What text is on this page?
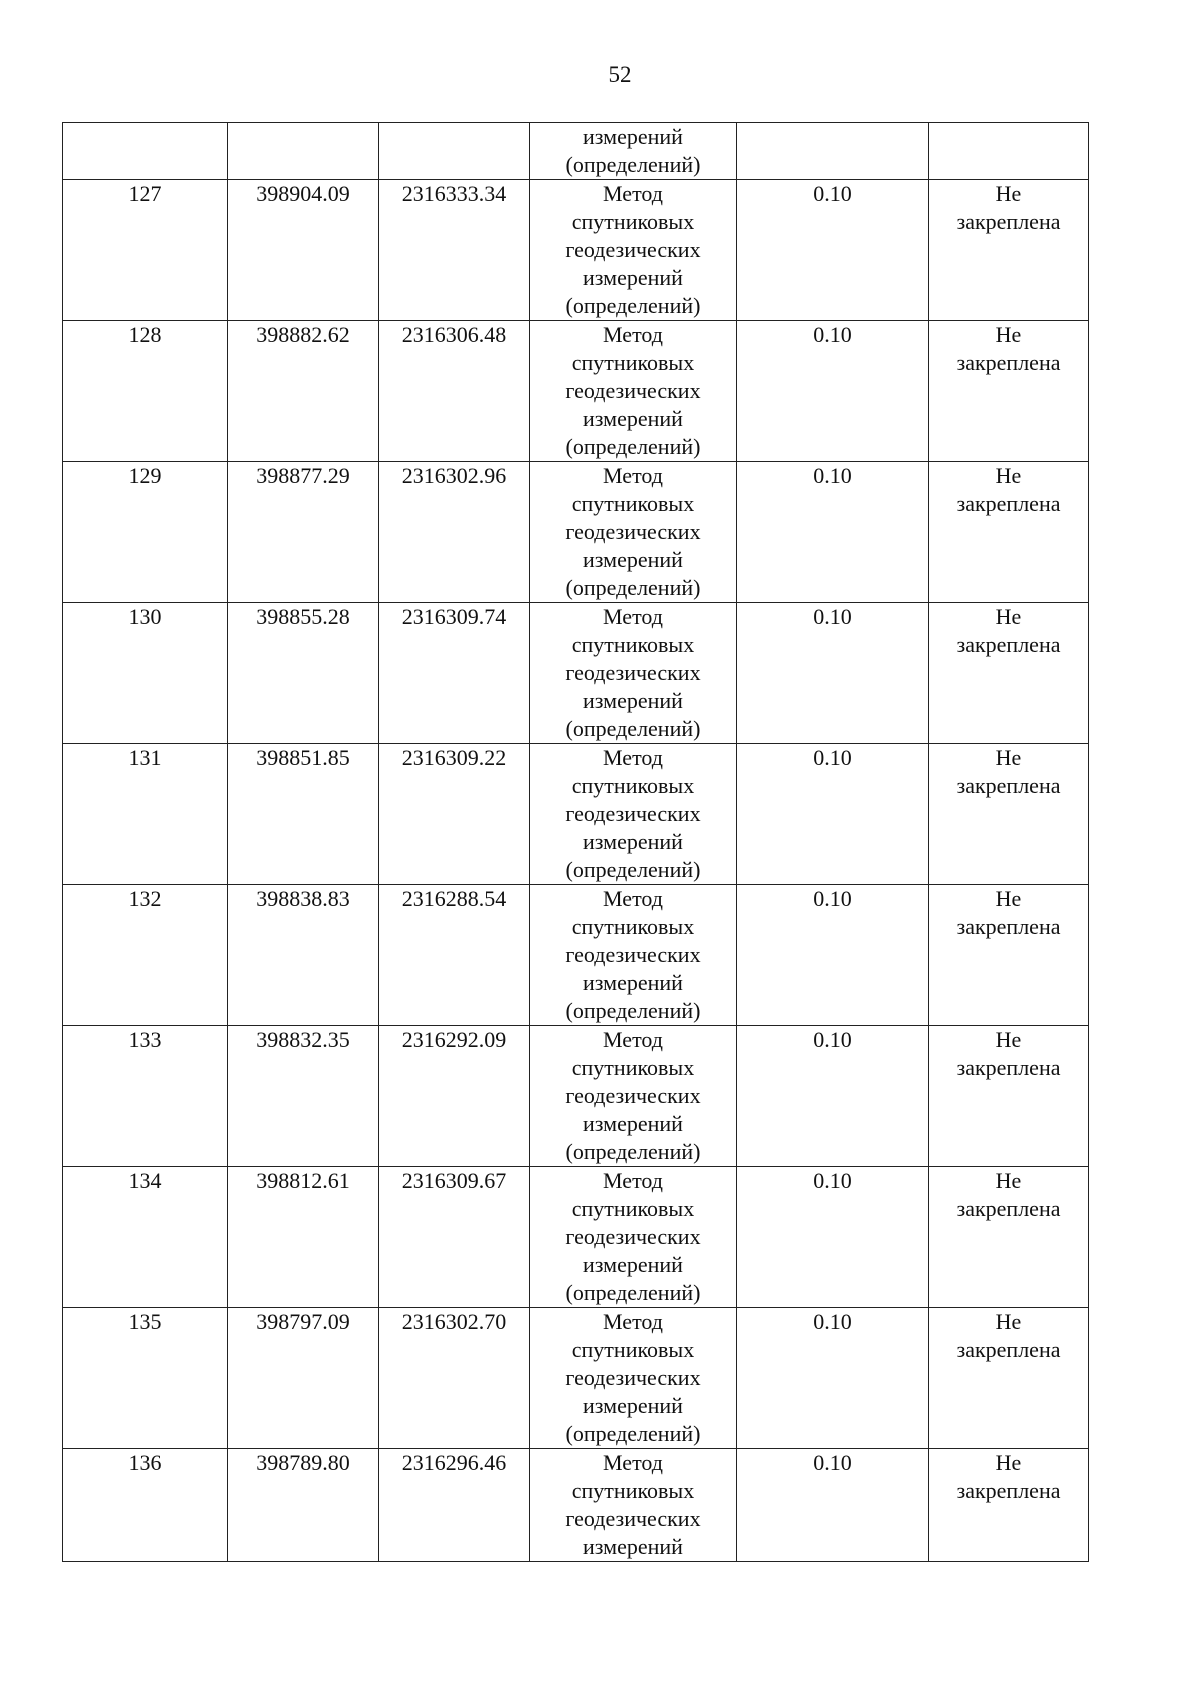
52

			измерений
(определений)		

127	398904.09	2316333.34	Метод
спутниковых
геодезических
измерений
(определений)	0.10	Не
закреплена

128	398882.62	2316306.48	Метод
спутниковых
геодезических
измерений
(определений)	0.10	Не
закреплена

129	398877.29	2316302.96	Метод
спутниковых
геодезических
измерений
(определений)	0.10	Не
закреплена

130	398855.28	2316309.74	Метод
спутниковых
геодезических
измерений
(определений)	0.10	Не
закреплена

131	398851.85	2316309.22	Метод
спутниковых
геодезических
измерений
(определений)	0.10	Не
закреплена

132	398838.83	2316288.54	Метод
спутниковых
геодезических
измерений
(определений)	0.10	Не
закреплена

133	398832.35	2316292.09	Метод
спутниковых
геодезических
измерений
(определений)	0.10	Не
закреплена

134	398812.61	2316309.67	Метод
спутниковых
геодезических
измерений
(определений)	0.10	Не
закреплена

135	398797.09	2316302.70	Метод
спутниковых
геодезических
измерений
(определений)	0.10	Не
закреплена

136	398789.80	2316296.46	Метод
спутниковых
геодезических
измерений	0.10	Не
закреплена
